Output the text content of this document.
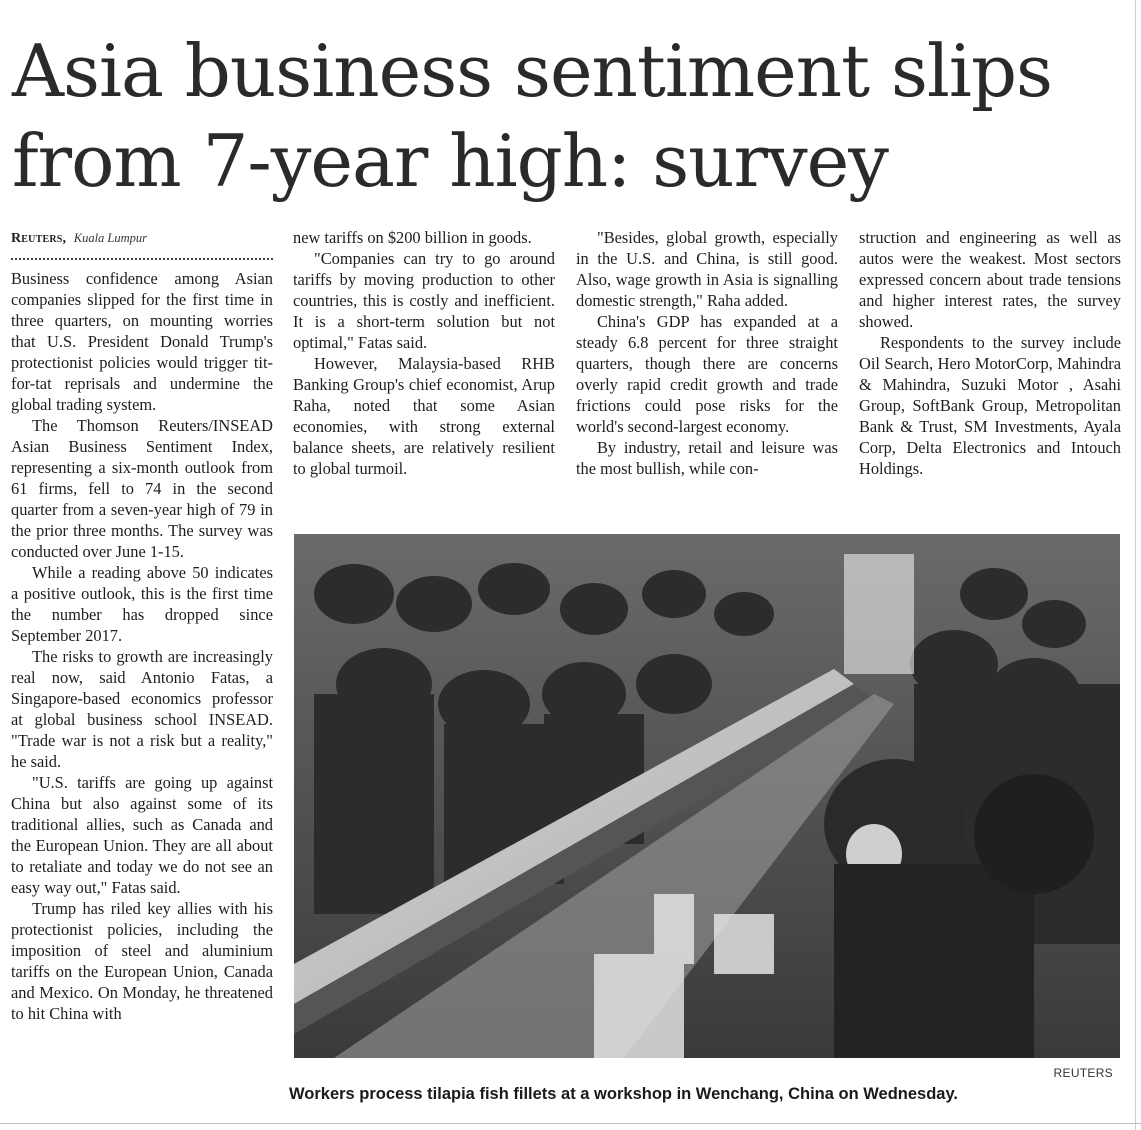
Asia business sentiment slips from 7-year high: survey
Reuters, Kuala Lumpur

Business confidence among Asian companies slipped for the first time in three quarters, on mounting worries that U.S. President Donald Trump's protectionist policies would trigger tit-for-tat reprisals and undermine the global trading system.

The Thomson Reuters/INSEAD Asian Business Sentiment Index, representing a six-month outlook from 61 firms, fell to 74 in the second quarter from a seven-year high of 79 in the prior three months. The survey was conducted over June 1-15.

While a reading above 50 indicates a positive outlook, this is the first time the number has dropped since September 2017.

The risks to growth are increasingly real now, said Antonio Fatas, a Singapore-based economics professor at global business school INSEAD. "Trade war is not a risk but a reality," he said.

"U.S. tariffs are going up against China but also against some of its traditional allies, such as Canada and the European Union. They are all about to retaliate and today we do not see an easy way out," Fatas said.

Trump has riled key allies with his protectionist policies, including the imposition of steel and aluminium tariffs on the European Union, Canada and Mexico. On Monday, he threatened to hit China with

new tariffs on $200 billion in goods.

"Companies can try to go around tariffs by moving production to other countries, this is costly and inefficient. It is a short-term solution but not optimal," Fatas said.

However, Malaysia-based RHB Banking Group's chief economist, Arup Raha, noted that some Asian economies, with strong external balance sheets, are relatively resilient to global turmoil.

"Besides, global growth, especially in the U.S. and China, is still good. Also, wage growth in Asia is signalling domestic strength," Raha added.

China's GDP has expanded at a steady 6.8 percent for three straight quarters, though there are concerns overly rapid credit growth and trade frictions could pose risks for the world's second-largest economy.

By industry, retail and leisure was the most bullish, while con-

struction and engineering as well as autos were the weakest. Most sectors expressed concern about trade tensions and higher interest rates, the survey showed.

Respondents to the survey include Oil Search, Hero MotorCorp, Mahindra & Mahindra, Suzuki Motor , Asahi Group, SoftBank Group, Metropolitan Bank & Trust, SM Investments, Ayala Corp, Delta Electronics and Intouch Holdings.

REUTERS
Workers process tilapia fish fillets at a workshop in Wenchang, China on Wednesday.
